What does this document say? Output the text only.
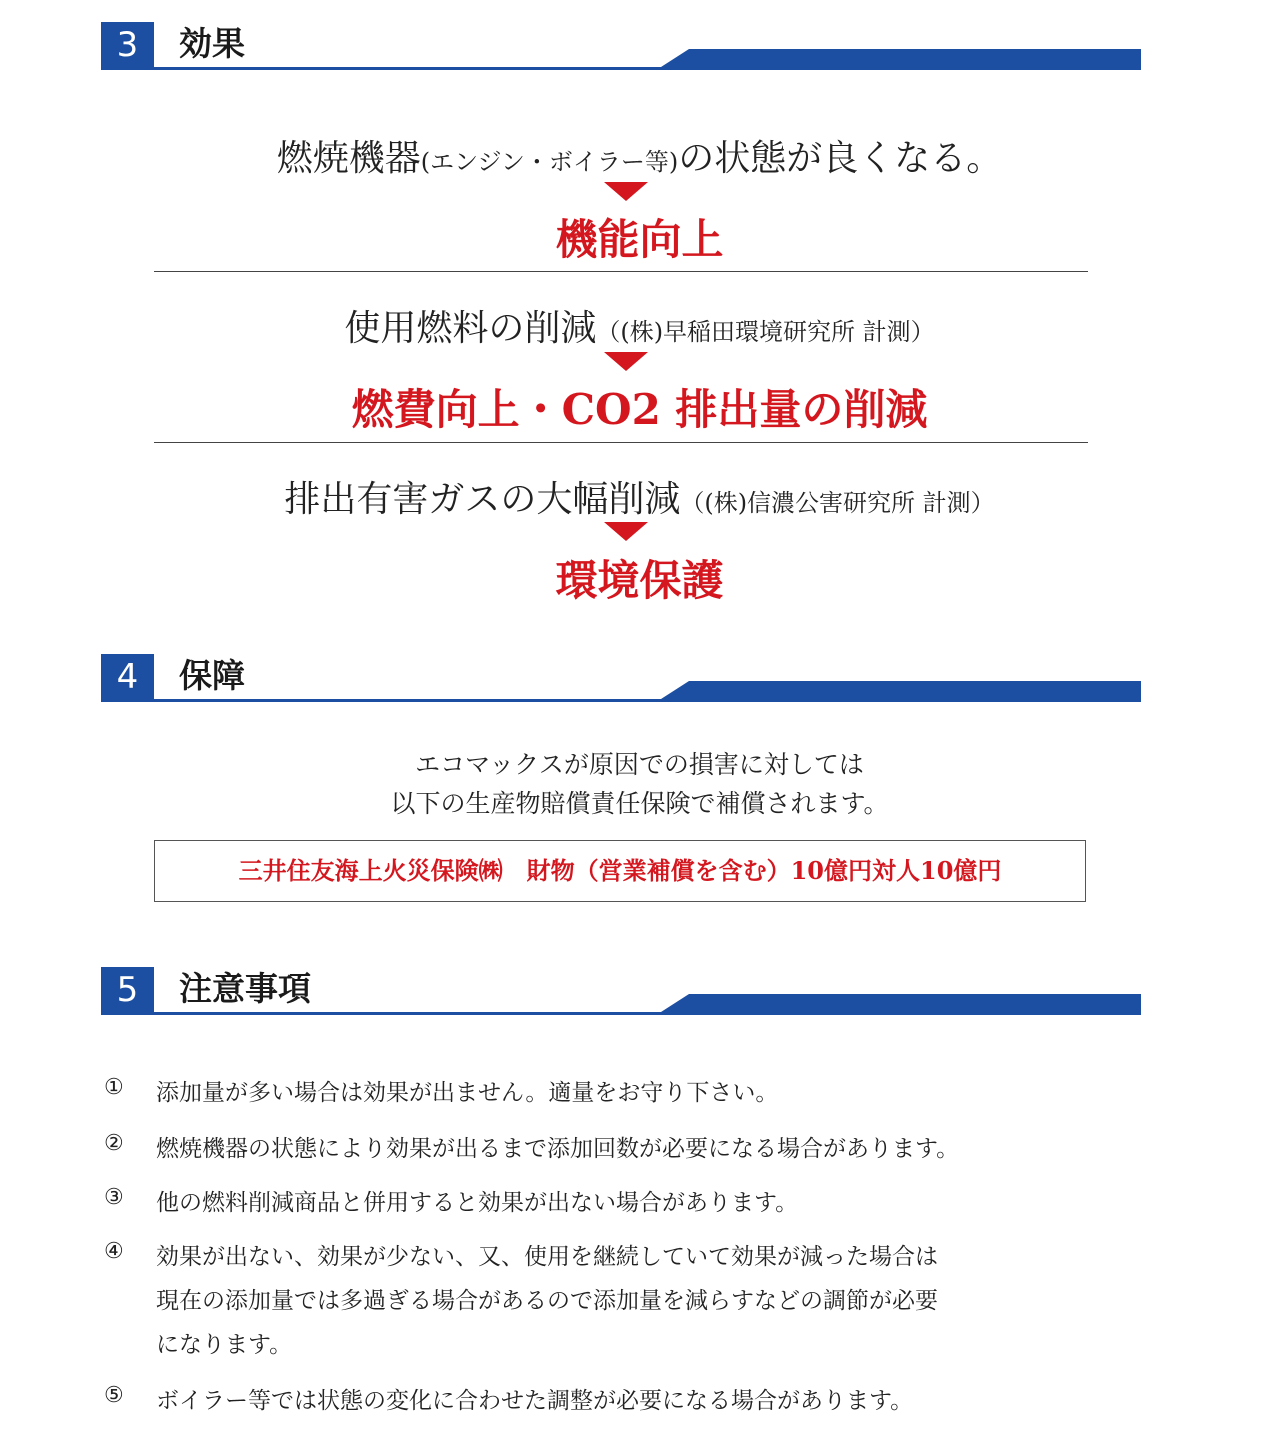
3	効果
燃焼機器(エンジン・ボイラー等)の状態が良くなる。
機能向上
使用燃料の削減（(株)早稲田環境研究所 計測）
燃費向上・CO2 排出量の削減
排出有害ガスの大幅削減（(株)信濃公害研究所 計測）
環境保護
4	保障
エコマックスが原因での損害に対しては
以下の生産物賠償責任保険で補償されます。
三井住友海上火災保険㈱　財物（営業補償を含む）10億円対人10億円
5	注意事項
① 添加量が多い場合は効果が出ません。適量をお守り下さい。
② 燃焼機器の状態により効果が出るまで添加回数が必要になる場合があります。
③ 他の燃料削減商品と併用すると効果が出ない場合があります。
④ 効果が出ない、効果が少ない、又、使用を継続していて効果が減った場合は
現在の添加量では多過ぎる場合があるので添加量を減らすなどの調節が必要
になります。
⑤ ボイラー等では状態の変化に合わせた調整が必要になる場合があります。
